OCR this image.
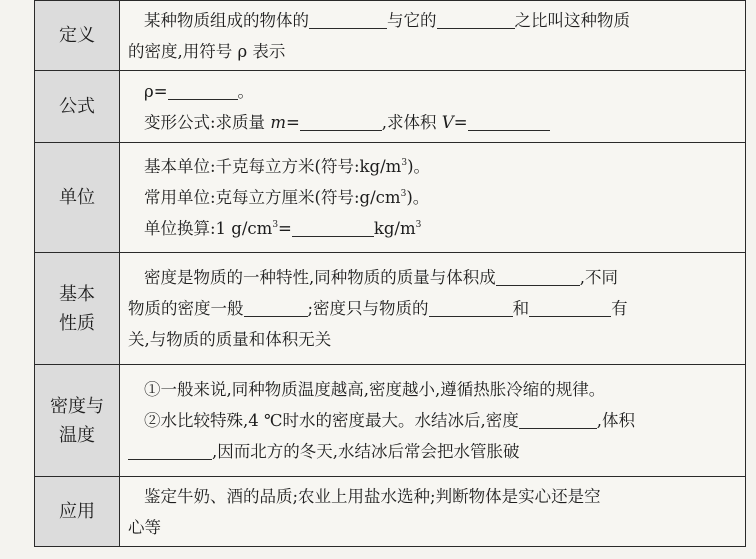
定义	某种物质组成的物体的 与它的 之比叫这种物质
的密度,用符号 ρ 表示

公式	ρ= 。
变形公式:求质量 m= ,求体积 V=

单位	基本单位:千克每立方米(符号$:kg/m^3$)。
常用单位:克每立方厘米(符号$:g/cm^3$)。
单位换算:1 $g/cm^3= kg/m^3$

基本
性质	密度是物质的一种特性,同种物质的质量与体积成 ,不同
物质的密度一般 ;密度只与物质的 和 有
关,与物质的质量和体积无关

密度与
温度	①一般来说,同种物质温度越高,密度越小,遵循热胀冷缩的规律。
②水比较特殊,4 ℃时水的密度最大。水结冰后,密度 ,体积
,因而北方的冬天,水结冰后常会把水管胀破

应用	鉴定牛奶、酒的品质;农业上用盐水选种;判断物体是实心还是空
心等
